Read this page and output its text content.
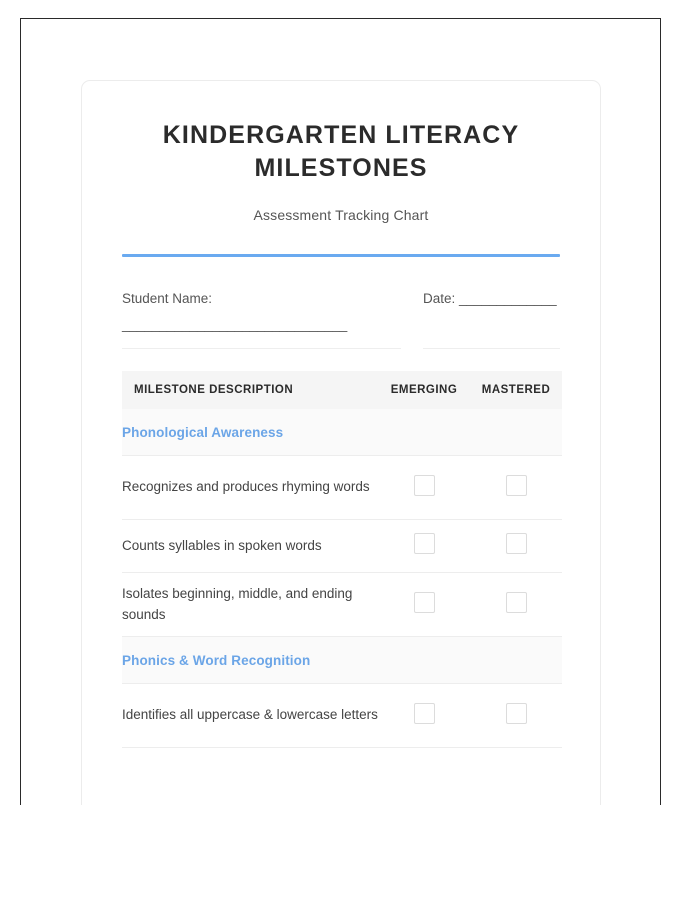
KINDERGARTEN LITERACY MILESTONES
Assessment Tracking Chart
Student Name: ______________________________
Date: _____________
MILESTONE DESCRIPTION	EMERGING	MASTERED
Phonological Awareness		
Recognizes and produces rhyming words		
Counts syllables in spoken words		
Isolates beginning, middle, and ending sounds		
Phonics & Word Recognition		
Identifies all uppercase & lowercase letters		
